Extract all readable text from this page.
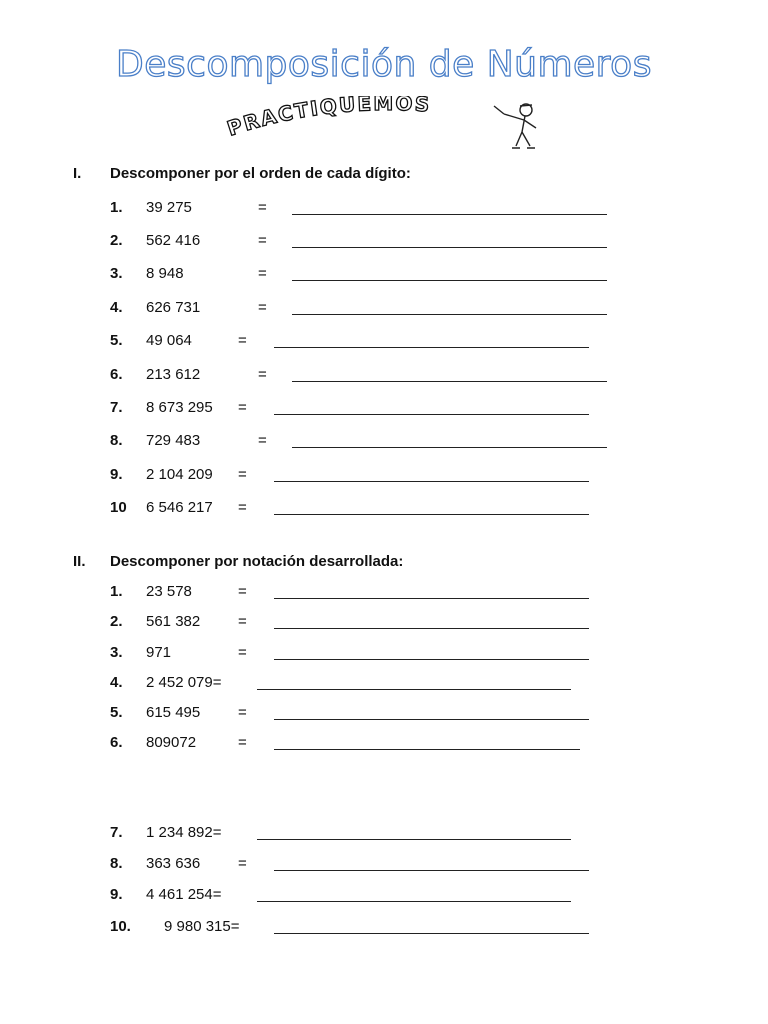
Descomposición de Números
PRACTIQUEMOS
I. Descomponer por el orden de cada dígito:
1. 39 275	=
2. 562 416	=
3. 8 948	=
4. 626 731	=
5. 49 064	=
6. 213 612	=
7. 8 673 295 =
8. 729 483	=
9. 2 104 209 =
10 6 546 217 =
II. Descomponer por notación desarrollada:
1. 23 578	=
2. 561 382	=
3. 971	=
4. 2 452 079=
5. 615 495	=
6. 809072	=
7. 1 234 892=
8. 363 636	=
9. 4 461 254=
10. 9 980 315=
